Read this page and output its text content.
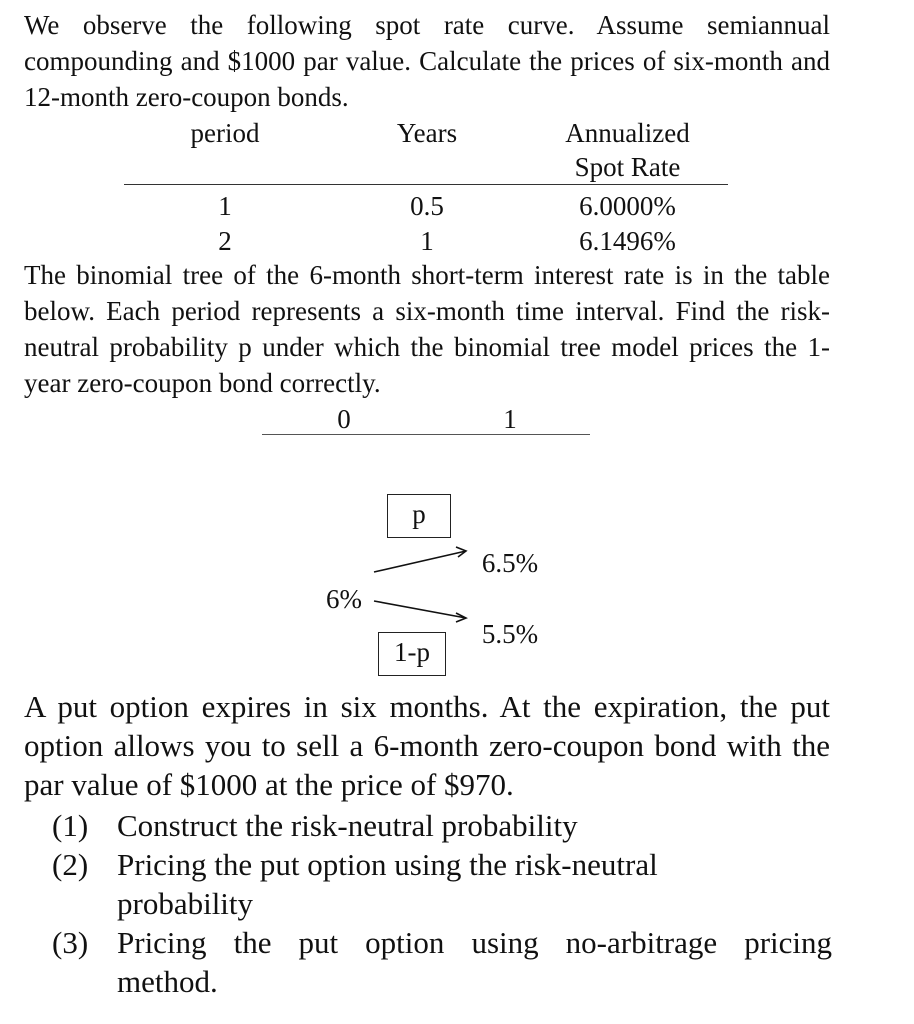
We observe the following spot rate curve. Assume semiannual compounding and $1000 par value. Calculate the prices of six-month and 12-month zero-coupon bonds.

period	Years	Annualized
Spot Rate
1	0.5	6.0000%
2	1	6.1496%

The binomial tree of the 6-month short-term interest rate is in the table below. Each period represents a six-month time interval. Find the risk-neutral probability p under which the binomial tree model prices the 1-year zero-coupon bond correctly.

0	1
p
1-p
6%
6.5%
5.5%

A put option expires in six months. At the expiration, the put option allows you to sell a 6-month zero-coupon bond with the par value of $1000 at the price of $970.

(1) Construct the risk-neutral probability
(2) Pricing the put option using the risk-neutral
probability
(3) Pricing the put option using no-arbitrage pricing
method.
